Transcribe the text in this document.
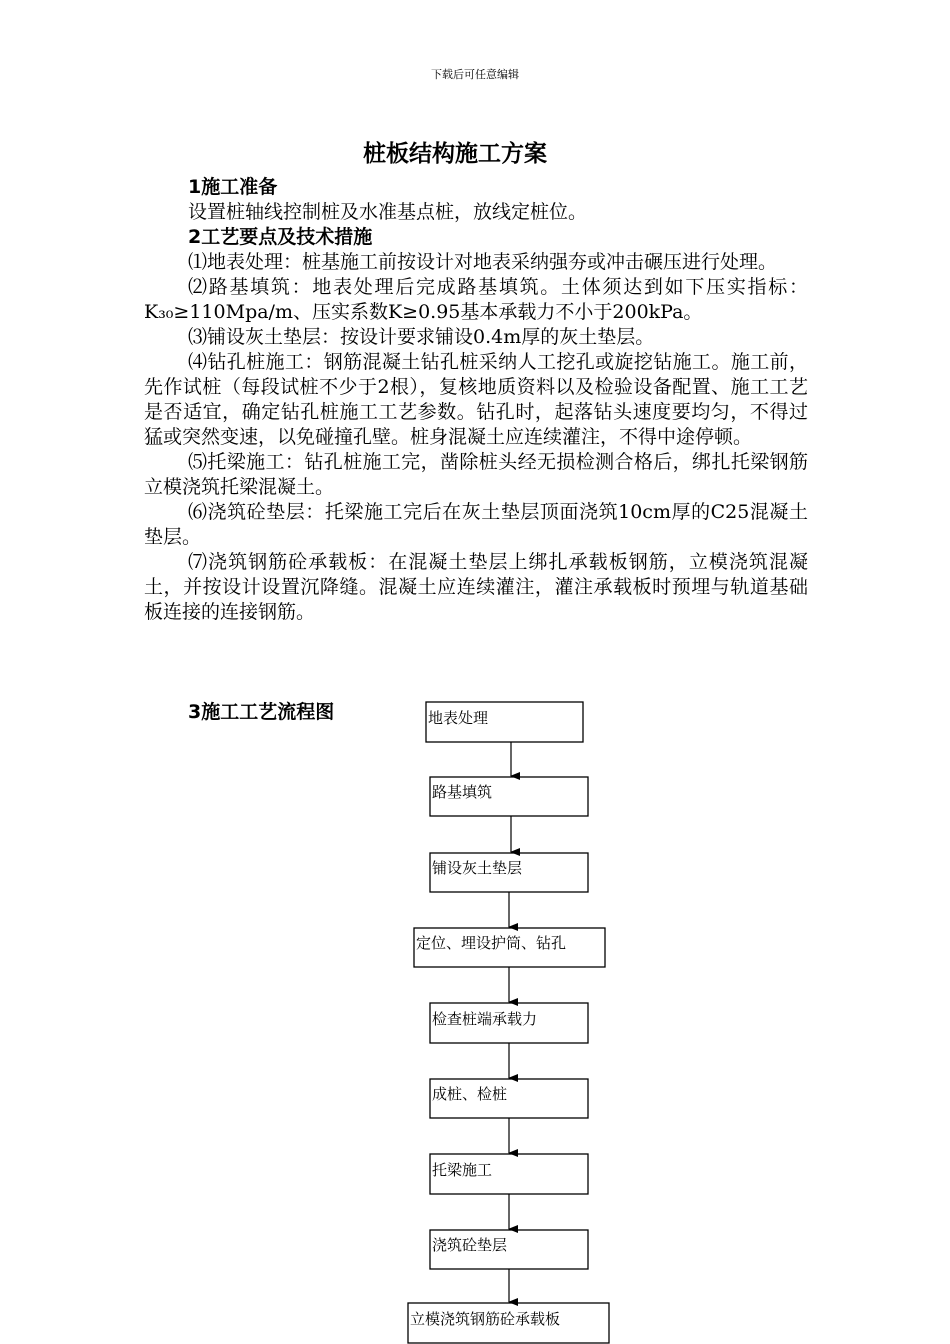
下载后可任意编辑
桩板结构施工方案
1施工准备

设置桩轴线控制桩及水准基点桩，放线定桩位。

2工艺要点及技术措施

⑴地表处理：桩基施工前按设计对地表采纳强夯或冲击碾压进行处理。

⑵路基填筑：地表处理后完成路基填筑。土体须达到如下压实指标：K₃₀≥110Mpa/m、压实系数K≥0.95基本承载力不小于200kPa。

⑶铺设灰土垫层：按设计要求铺设0.4m厚的灰土垫层。

⑷钻孔桩施工：钢筋混凝土钻孔桩采纳人工挖孔或旋挖钻施工。施工前，先作试桩（每段试桩不少于2根），复核地质资料以及检验设备配置、施工工艺是否适宜，确定钻孔桩施工工艺参数。钻孔时，起落钻头速度要均匀，不得过猛或突然变速，以免碰撞孔壁。桩身混凝土应连续灌注，不得中途停顿。

⑸托梁施工：钻孔桩施工完，凿除桩头经无损检测合格后，绑扎托梁钢筋立模浇筑托梁混凝土。

⑹浇筑砼垫层：托梁施工完后在灰土垫层顶面浇筑10cm厚的C25混凝土垫层。

⑺浇筑钢筋砼承载板：在混凝土垫层上绑扎承载板钢筋，立模浇筑混凝土，并按设计设置沉降缝。混凝土应连续灌注，灌注承载板时预埋与轨道基础板连接的连接钢筋。

3施工工艺流程图	地表处理
路基填筑
铺设灰土垫层
定位、埋设护筒、钻孔
检查桩端承载力
成桩、检桩
托梁施工
浇筑砼垫层
立模浇筑钢筋砼承载板
